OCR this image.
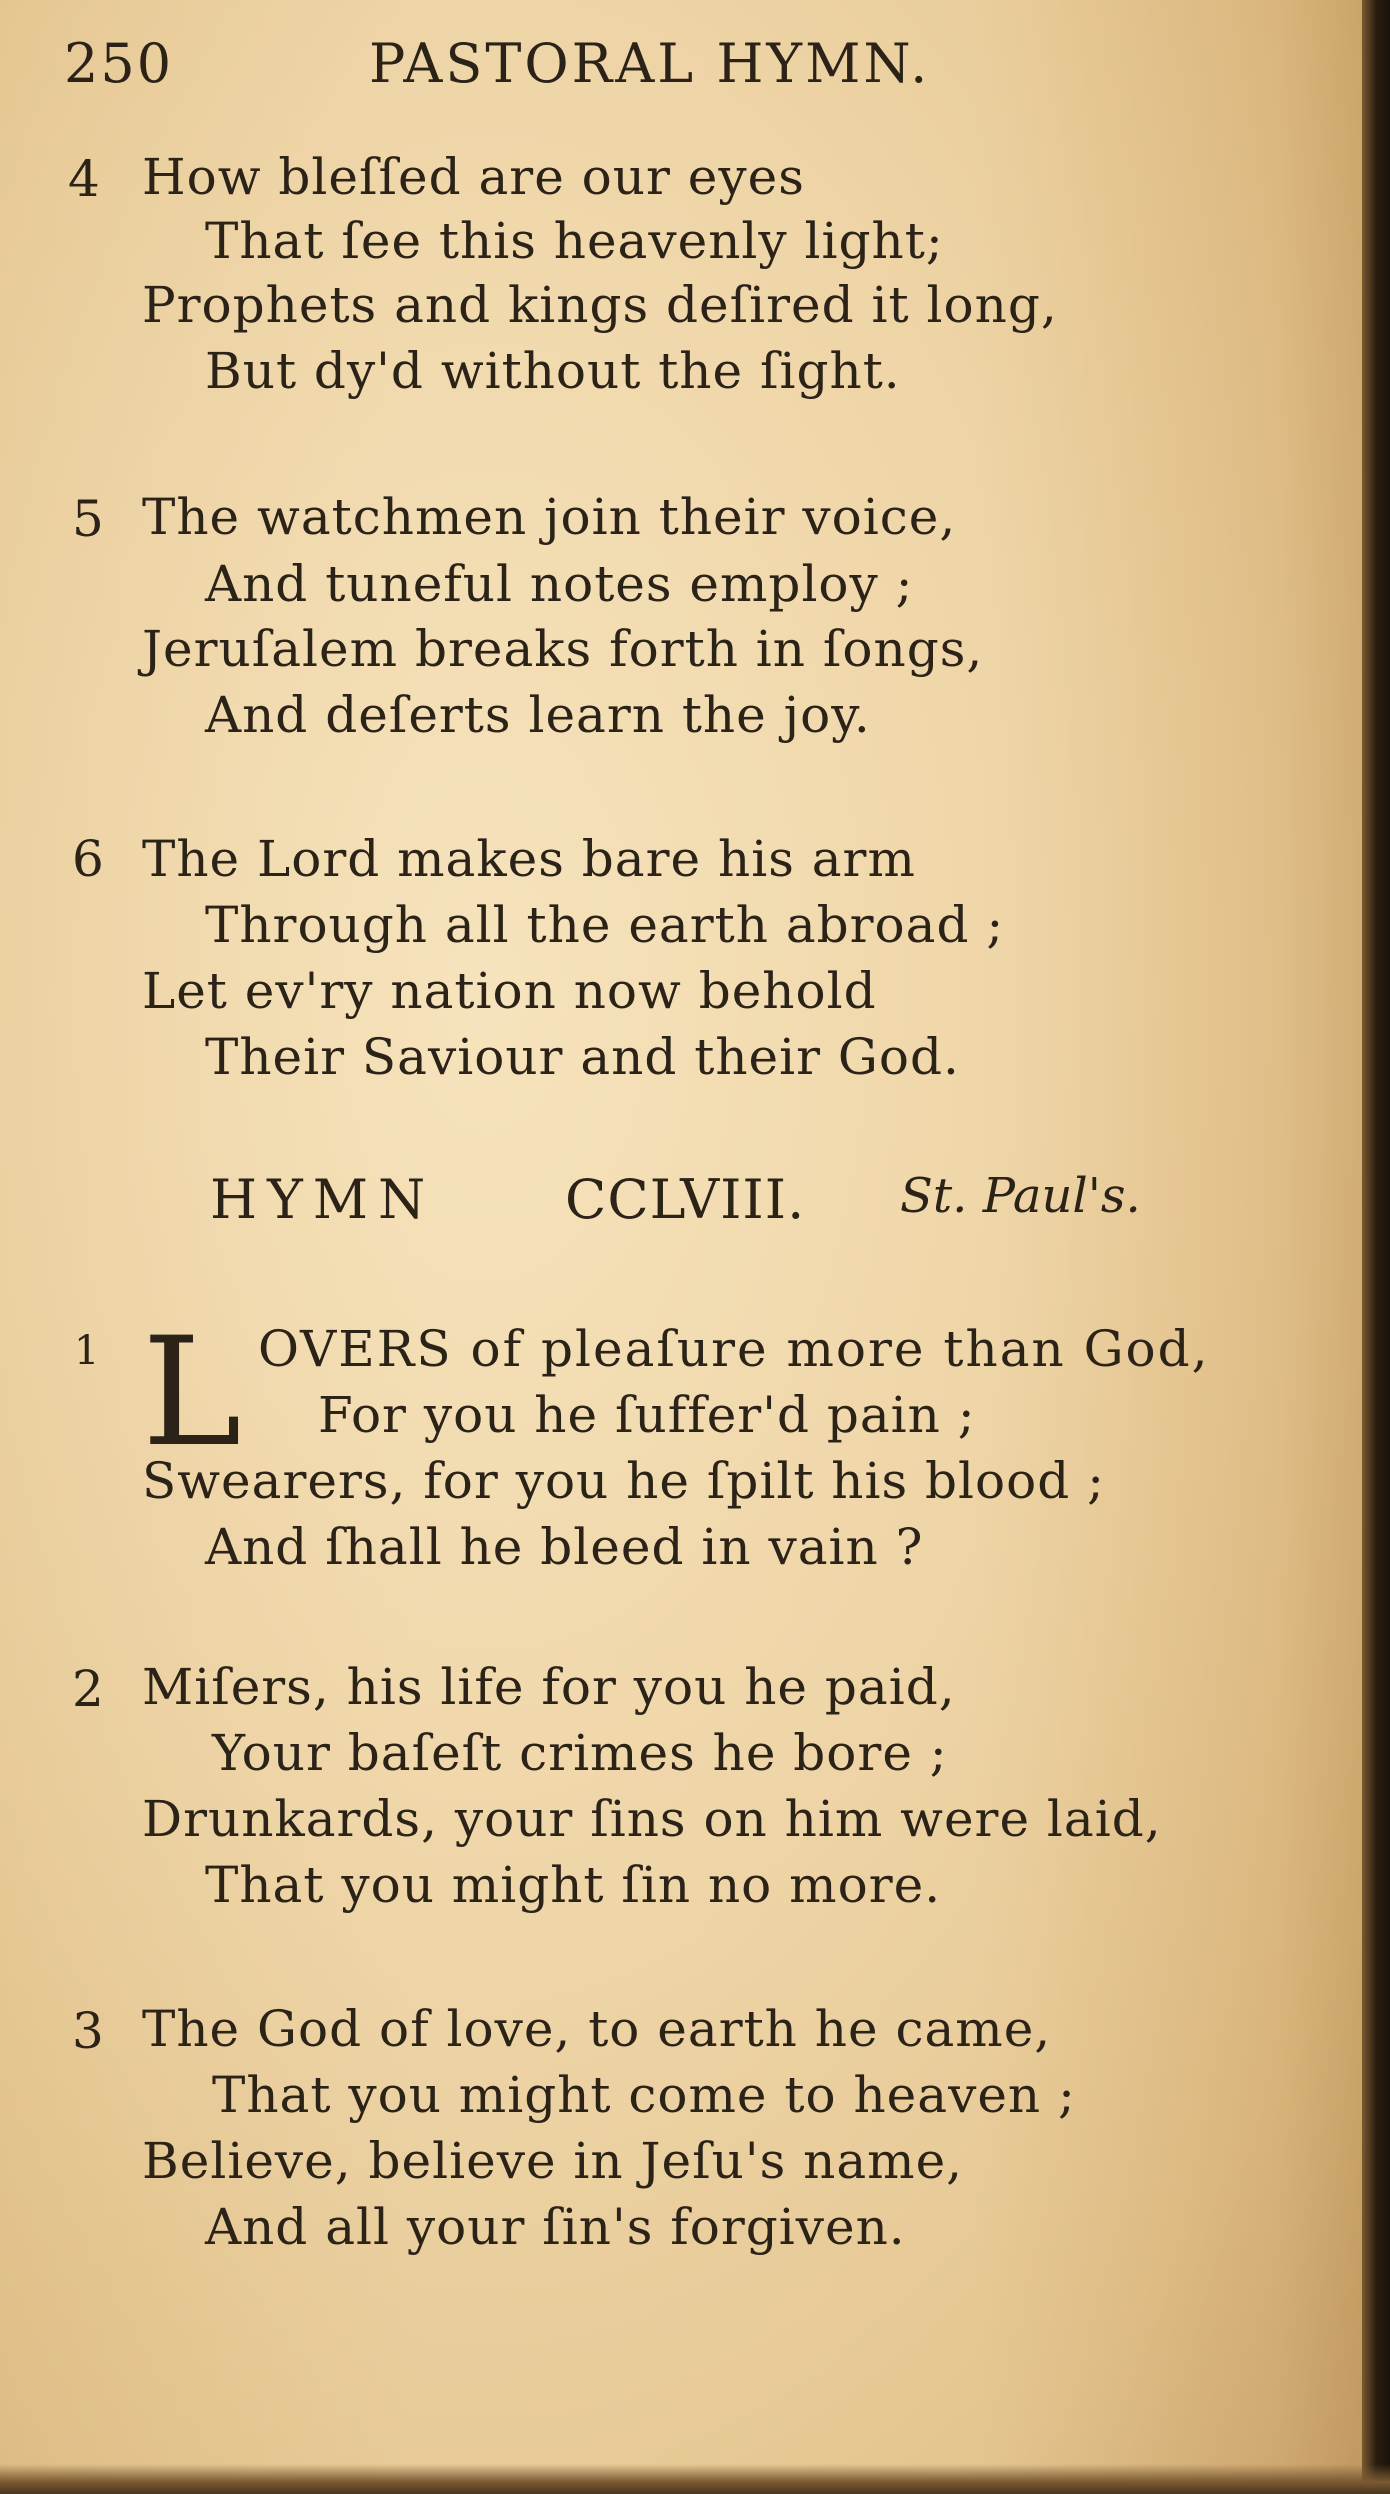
250	PASTORAL HYMN.
4 How bleſſed are our eyes
That ſee this heavenly light;
Prophets and kings deſired it long,
But dy'd without the ſight.
5 The watchmen join their voice,
And tuneful notes employ ;
Jeruſalem breaks forth in ſongs,
And deſerts learn the joy.
6 The Lord makes bare his arm
Through all the earth abroad ;
Let ev'ry nation now behold
Their Saviour and their God.
HYMN CCLVIII. St. Paul's.
1 L OVERS of pleaſure more than God,
For you he ſuffer'd pain ;
Swearers, for you he ſpilt his blood ;
And ſhall he bleed in vain ?
2 Miſers, his life for you he paid,
Your baſeſt crimes he bore ;
Drunkards, your ſins on him were laid,
That you might ſin no more.
3 The God of love, to earth he came,
That you might come to heaven ;
Believe, believe in Jeſu's name,
And all your ſin's forgiven.
